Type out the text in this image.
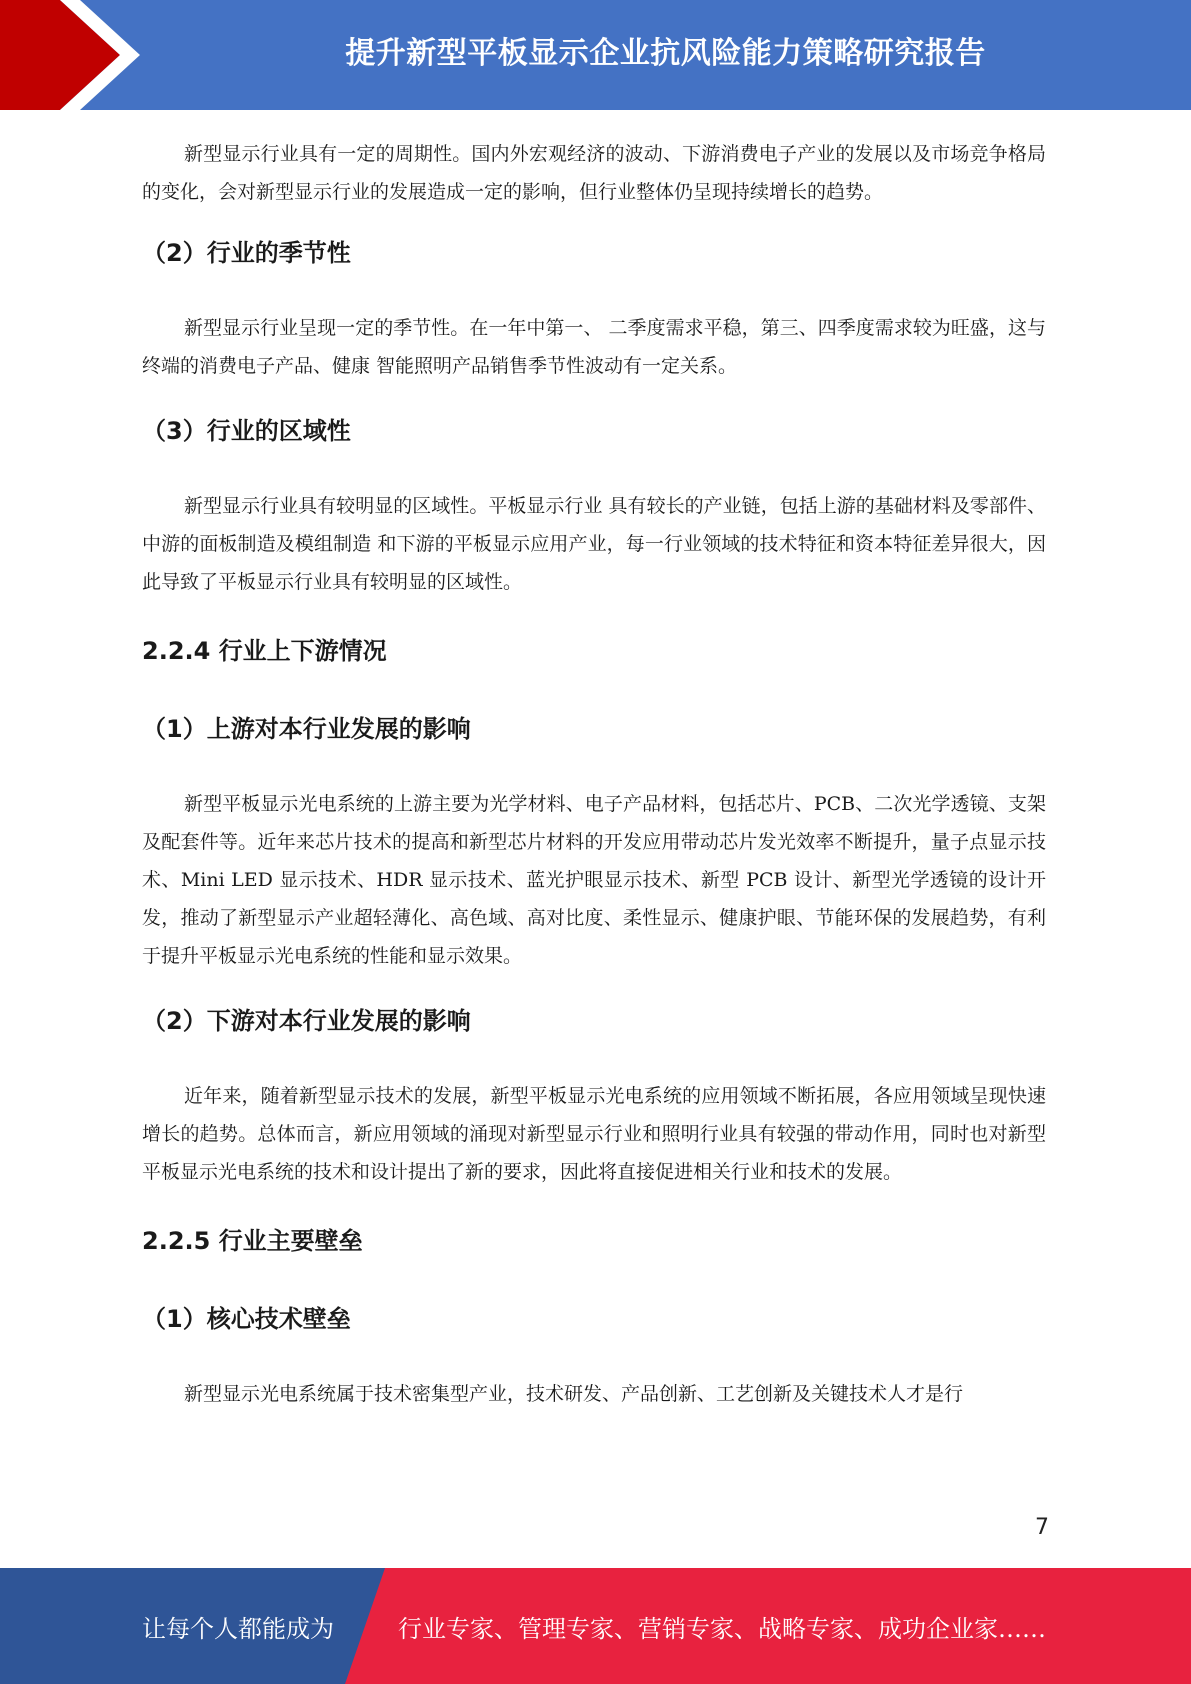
提升新型平板显示企业抗风险能力策略研究报告

新型显示行业具有一定的周期性。国内外宏观经济的波动、下游消费电子产业的发展以及市场竞争格局的变化，会对新型显示行业的发展造成一定的影响，但行业整体仍呈现持续增长的趋势。

（2）行业的季节性

新型显示行业呈现一定的季节性。在一年中第一、 二季度需求平稳，第三、四季度需求较为旺盛，这与终端的消费电子产品、健康 智能照明产品销售季节性波动有一定关系。

（3）行业的区域性

新型显示行业具有较明显的区域性。平板显示行业 具有较长的产业链，包括上游的基础材料及零部件、中游的面板制造及模组制造 和下游的平板显示应用产业，每一行业领域的技术特征和资本特征差异很大，因 此导致了平板显示行业具有较明显的区域性。

2.2.4 行业上下游情况
（1）上游对本行业发展的影响

新型平板显示光电系统的上游主要为光学材料、电子产品材料，包括芯片、PCB、二次光学透镜、支架及配套件等。近年来芯片技术的提高和新型芯片材料的开发应用带动芯片发光效率不断提升，量子点显示技术、Mini LED 显示技术、HDR 显示技术、蓝光护眼显示技术、新型 PCB 设计、新型光学透镜的设计开发，推动了新型显示产业超轻薄化、高色域、高对比度、柔性显示、健康护眼、节能环保的发展趋势，有利于提升平板显示光电系统的性能和显示效果。

（2）下游对本行业发展的影响

近年来，随着新型显示技术的发展，新型平板显示光电系统的应用领域不断拓展，各应用领域呈现快速增长的趋势。总体而言，新应用领域的涌现对新型显示行业和照明行业具有较强的带动作用，同时也对新型平板显示光电系统的技术和设计提出了新的要求，因此将直接促进相关行业和技术的发展。

2.2.5 行业主要壁垒
（1）核心技术壁垒

新型显示光电系统属于技术密集型产业，技术研发、产品创新、工艺创新及关键技术人才是行

7
让每个人都能成为	行业专家、管理专家、营销专家、战略专家、成功企业家……
